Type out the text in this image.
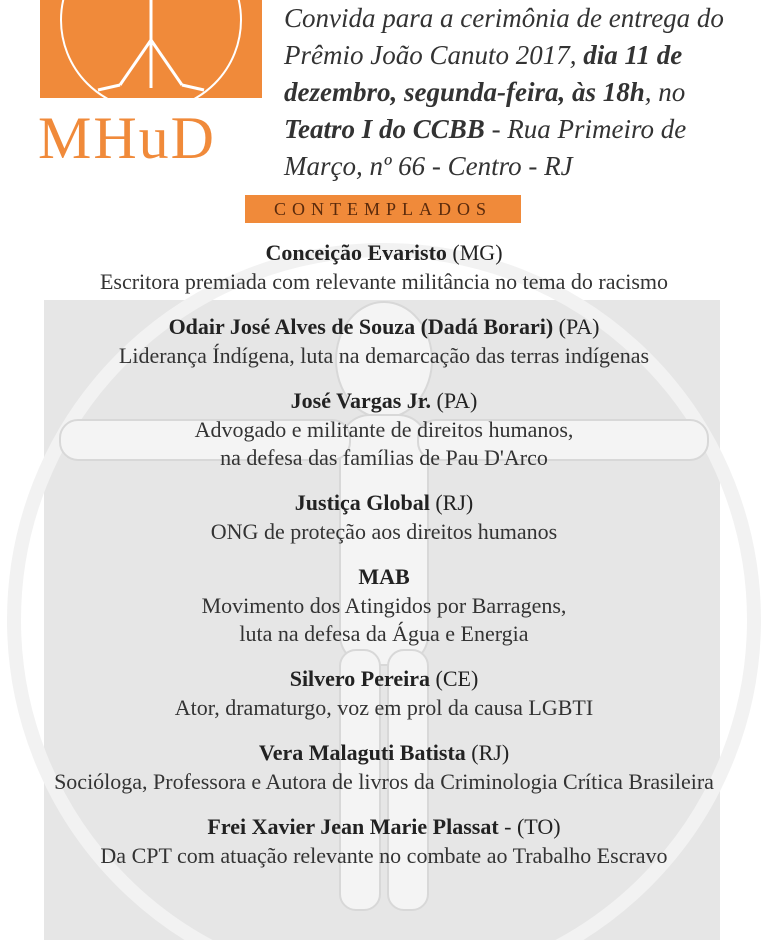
MHuD
Convida para a cerimônia de entrega do Prêmio João Canuto 2017, dia 11 de dezembro, segunda-feira, às 18h, no Teatro I do CCBB - Rua Primeiro de Março, nº 66 - Centro - RJ
CONTEMPLADOS
Conceição Evaristo (MG)
Escritora premiada com relevante militância no tema do racismo
Odair José Alves de Souza (Dadá Borari) (PA)
Liderança Índígena, luta na demarcação das terras indígenas
José Vargas Jr. (PA)
Advogado e militante de direitos humanos,
na defesa das famílias de Pau D'Arco
Justiça Global (RJ)
ONG de proteção aos direitos humanos
MAB
Movimento dos Atingidos por Barragens,
luta na defesa da Água e Energia
Silvero Pereira (CE)
Ator, dramaturgo, voz em prol da causa LGBTI
Vera Malaguti Batista (RJ)
Socióloga, Professora e Autora de livros da Criminologia Crítica Brasileira
Frei Xavier Jean Marie Plassat - (TO)
Da CPT com atuação relevante no combate ao Trabalho Escravo
